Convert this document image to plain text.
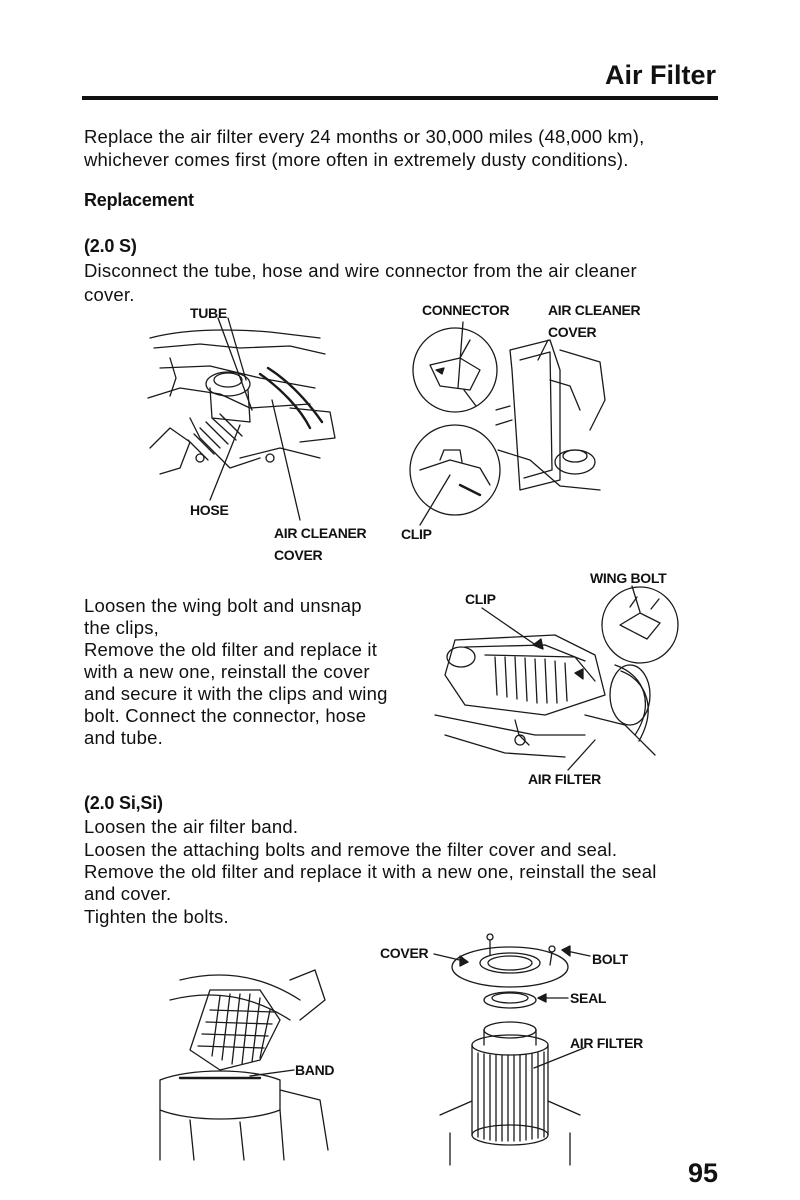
Air Filter
Replace the air filter every 24 months or 30,000 miles (48,000 km),
whichever comes first (more often in extremely dusty conditions).
Replacement
(2.0 S)
Disconnect the tube, hose and wire connector from the air cleaner
cover.
TUBE
HOSE
AIR CLEANER
COVER
CONNECTOR	AIR CLEANER
COVER
CLIP
Loosen the wing bolt and unsnap
the clips,
Remove the old filter and replace it
with a new one, reinstall the cover
and secure it with the clips and wing
bolt. Connect the connector, hose
and tube.
WING BOLT
CLIP
AIR FILTER
(2.0 Si,Si)
Loosen the air filter band.
Loosen the attaching bolts and remove the filter cover and seal.
Remove the old filter and replace it with a new one, reinstall the seal
and cover.
Tighten the bolts.
BAND
COVER	BOLT
SEAL
AIR FILTER
95
